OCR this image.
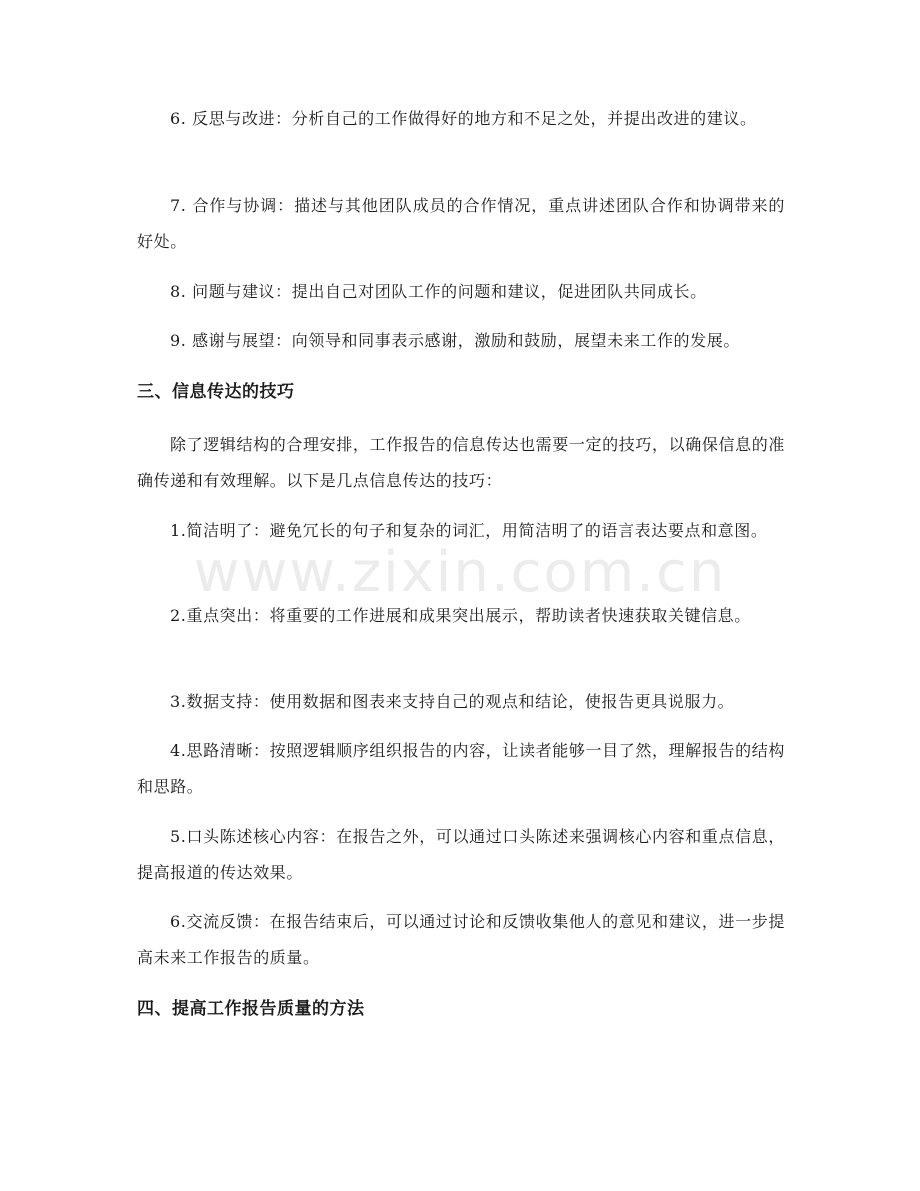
www.zixin.com.cn

6. 反思与改进：分析自己的工作做得好的地方和不足之处，并提出改进的建议。

7. 合作与协调：描述与其他团队成员的合作情况，重点讲述团队合作和协调带来的好处。

8. 问题与建议：提出自己对团队工作的问题和建议，促进团队共同成长。

9. 感谢与展望：向领导和同事表示感谢，激励和鼓励，展望未来工作的发展。

三、信息传达的技巧

除了逻辑结构的合理安排，工作报告的信息传达也需要一定的技巧，以确保信息的准确传递和有效理解。以下是几点信息传达的技巧：

1.简洁明了：避免冗长的句子和复杂的词汇，用简洁明了的语言表达要点和意图。

2.重点突出：将重要的工作进展和成果突出展示，帮助读者快速获取关键信息。

3.数据支持：使用数据和图表来支持自己的观点和结论，使报告更具说服力。

4.思路清晰：按照逻辑顺序组织报告的内容，让读者能够一目了然，理解报告的结构和思路。

5.口头陈述核心内容：在报告之外，可以通过口头陈述来强调核心内容和重点信息，提高报道的传达效果。

6.交流反馈：在报告结束后，可以通过讨论和反馈收集他人的意见和建议，进一步提高未来工作报告的质量。

四、提高工作报告质量的方法
